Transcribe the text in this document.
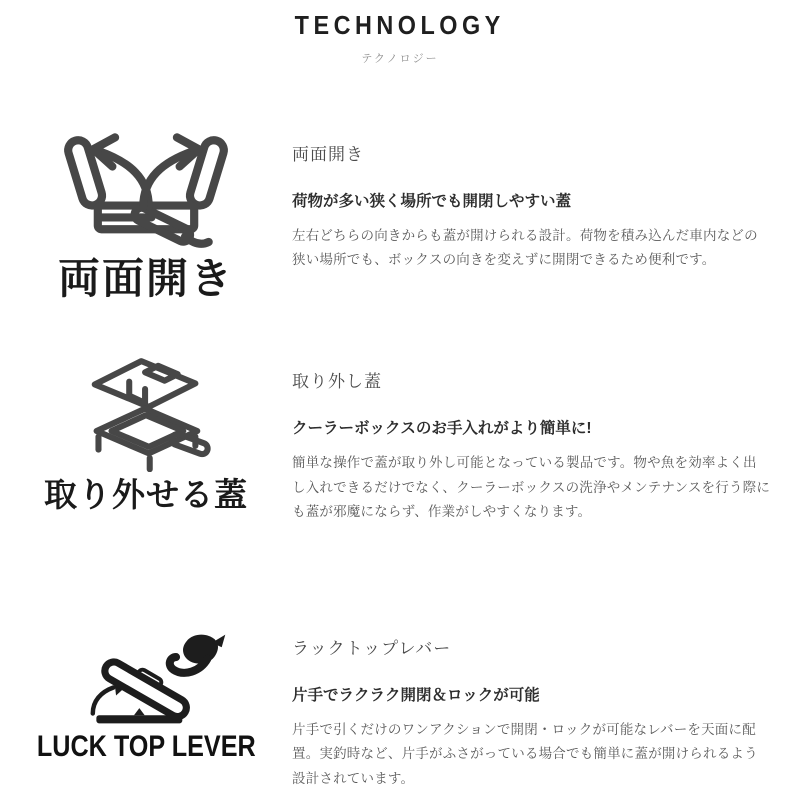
TECHNOLOGY
テクノロジー
両面開き
両面開き
荷物が多い狭く場所でも開閉しやすい蓋
左右どちらの向きからも蓋が開けられる設計。荷物を積み込んだ車内などの狭い場所でも、ボックスの向きを変えずに開閉できるため便利です。
取り外せる蓋
取り外し蓋
クーラーボックスのお手入れがより簡単に!
簡単な操作で蓋が取り外し可能となっている製品です。物や魚を効率よく出し入れできるだけでなく、クーラーボックスの洗浄やメンテナンスを行う際にも蓋が邪魔にならず、作業がしやすくなります。
LUCK TOP LEVER
ラックトップレバー
片手でラクラク開閉＆ロックが可能
片手で引くだけのワンアクションで開閉・ロックが可能なレバーを天面に配置。実釣時など、片手がふさがっている場合でも簡単に蓋が開けられるよう設計されています。
